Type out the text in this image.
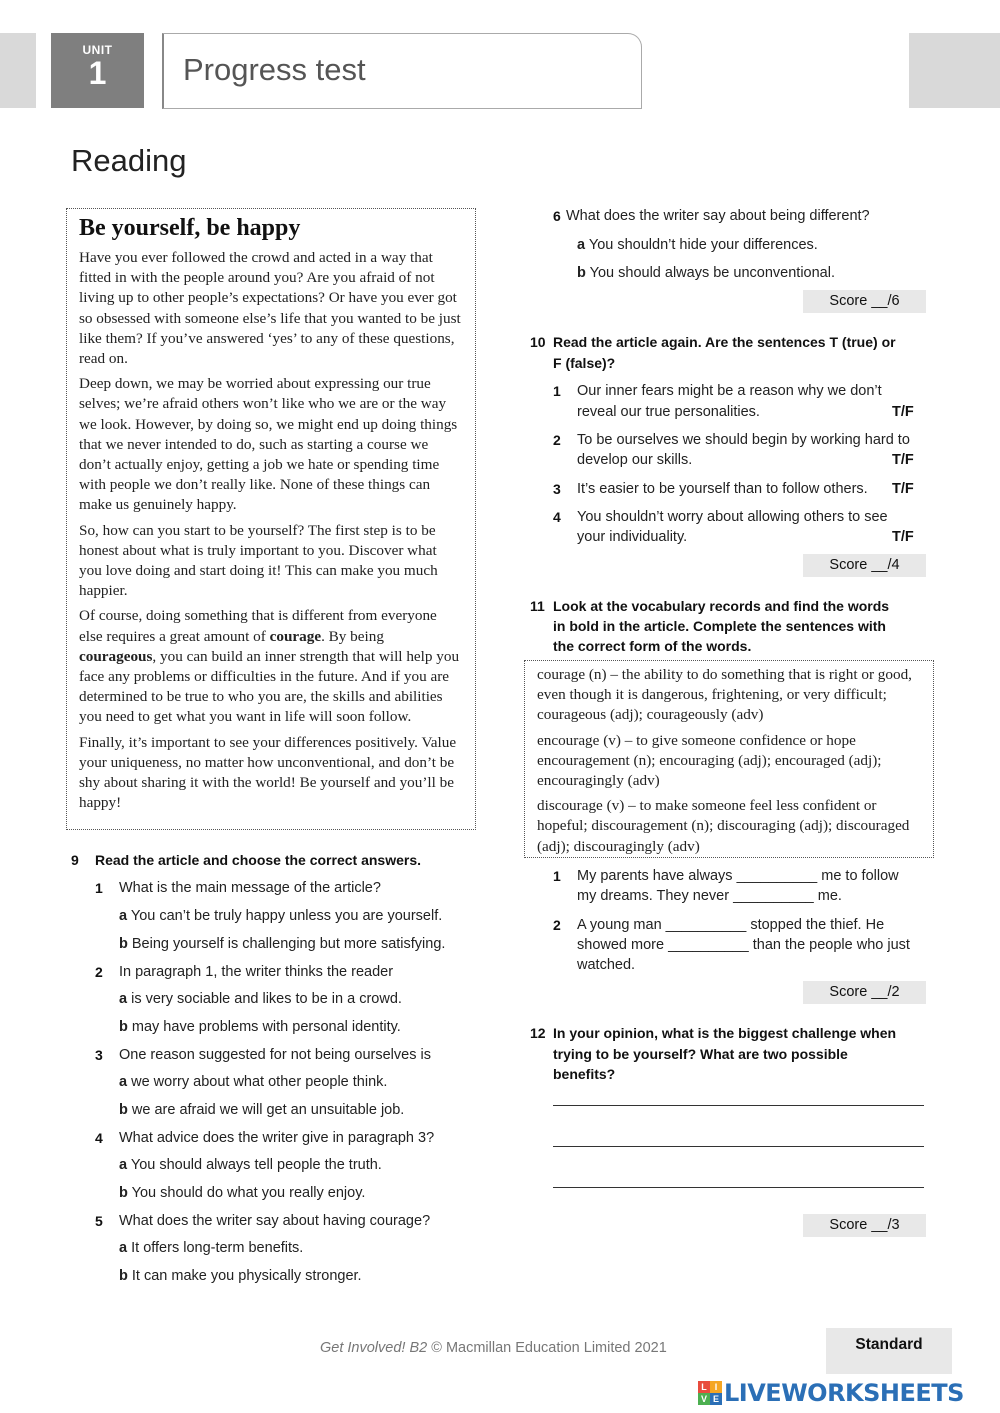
UNIT
1	Progress test
Reading
Be yourself, be happy

Have you ever followed the crowd and acted in a way that fitted in with the people around you? Are you afraid of not living up to other people’s expectations? Or have you ever got so obsessed with someone else’s life that you wanted to be just like them? If you’ve answered ‘yes’ to any of these questions, read on.

Deep down, we may be worried about expressing our true selves; we’re afraid others won’t like who we are or the way we look. However, by doing so, we might end up doing things that we never intended to do, such as starting a course we don’t actually enjoy, getting a job we hate or spending time with people we don’t really like. None of these things can make us genuinely happy.

So, how can you start to be yourself? The first step is to be honest about what is truly important to you. Discover what you love doing and start doing it! This can make you much happier.

Of course, doing something that is different from everyone else requires a great amount of courage. By being courageous, you can build an inner strength that will help you face any problems or difficulties in the future. And if you are determined to be true to who you are, the skills and abilities you need to get what you want in life will soon follow.

Finally, it’s important to see your differences positively. Value your uniqueness, no matter how unconventional, and don’t be shy about sharing it with the world! Be yourself and you’ll be happy!

9 Read the article and choose the correct answers.
1 What is the main message of the article?
a You can’t be truly happy unless you are yourself.
b Being yourself is challenging but more satisfying.
2 In paragraph 1, the writer thinks the reader
a is very sociable and likes to be in a crowd.
b may have problems with personal identity.
3 One reason suggested for not being ourselves is
a we worry about what other people think.
b we are afraid we will get an unsuitable job.
4 What advice does the writer give in paragraph 3?
a You should always tell people the truth.
b You should do what you really enjoy.
5 What does the writer say about having courage?
a It offers long-term benefits.
b It can make you physically stronger.
6 What does the writer say about being different?
a You shouldn’t hide your differences.
b You should always be unconventional.
Score __/6
10 Read the article again. Are the sentences T (true) or
F (false)?
1 Our inner fears might be a reason why we don’t
reveal our true personalities.	T/F
2 To be ourselves we should begin by working hard to
develop our skills.	T/F
3 It’s easier to be yourself than to follow others. T/F
4 You shouldn’t worry about allowing others to see
your individuality.	T/F
Score __/4
11 Look at the vocabulary records and find the words
in bold in the article. Complete the sentences with
the correct form of the words.

courage (n) – the ability to do something that is right or good, even though it is dangerous, frightening, or very difficult; courageous (adj); courageously (adv)

encourage (v) – to give someone confidence or hope encouragement (n); encouraging (adj); encouraged (adj); encouragingly (adv)

discourage (v) – to make someone feel less confident or hopeful; discouragement (n); discouraging (adj); discouraged (adj); discouragingly (adv)

1 My parents have always __________ me to follow
my dreams. They never __________ me.
2 A young man __________ stopped the thief. He
showed more __________ than the people who just
watched.
Score __/2
12 In your opinion, what is the biggest challenge when
trying to be yourself? What are two possible
benefits?
Score __/3
Get Involved! B2 © Macmillan Education Limited 2021	Standard
L I
V E LIVEWORKSHEETS
